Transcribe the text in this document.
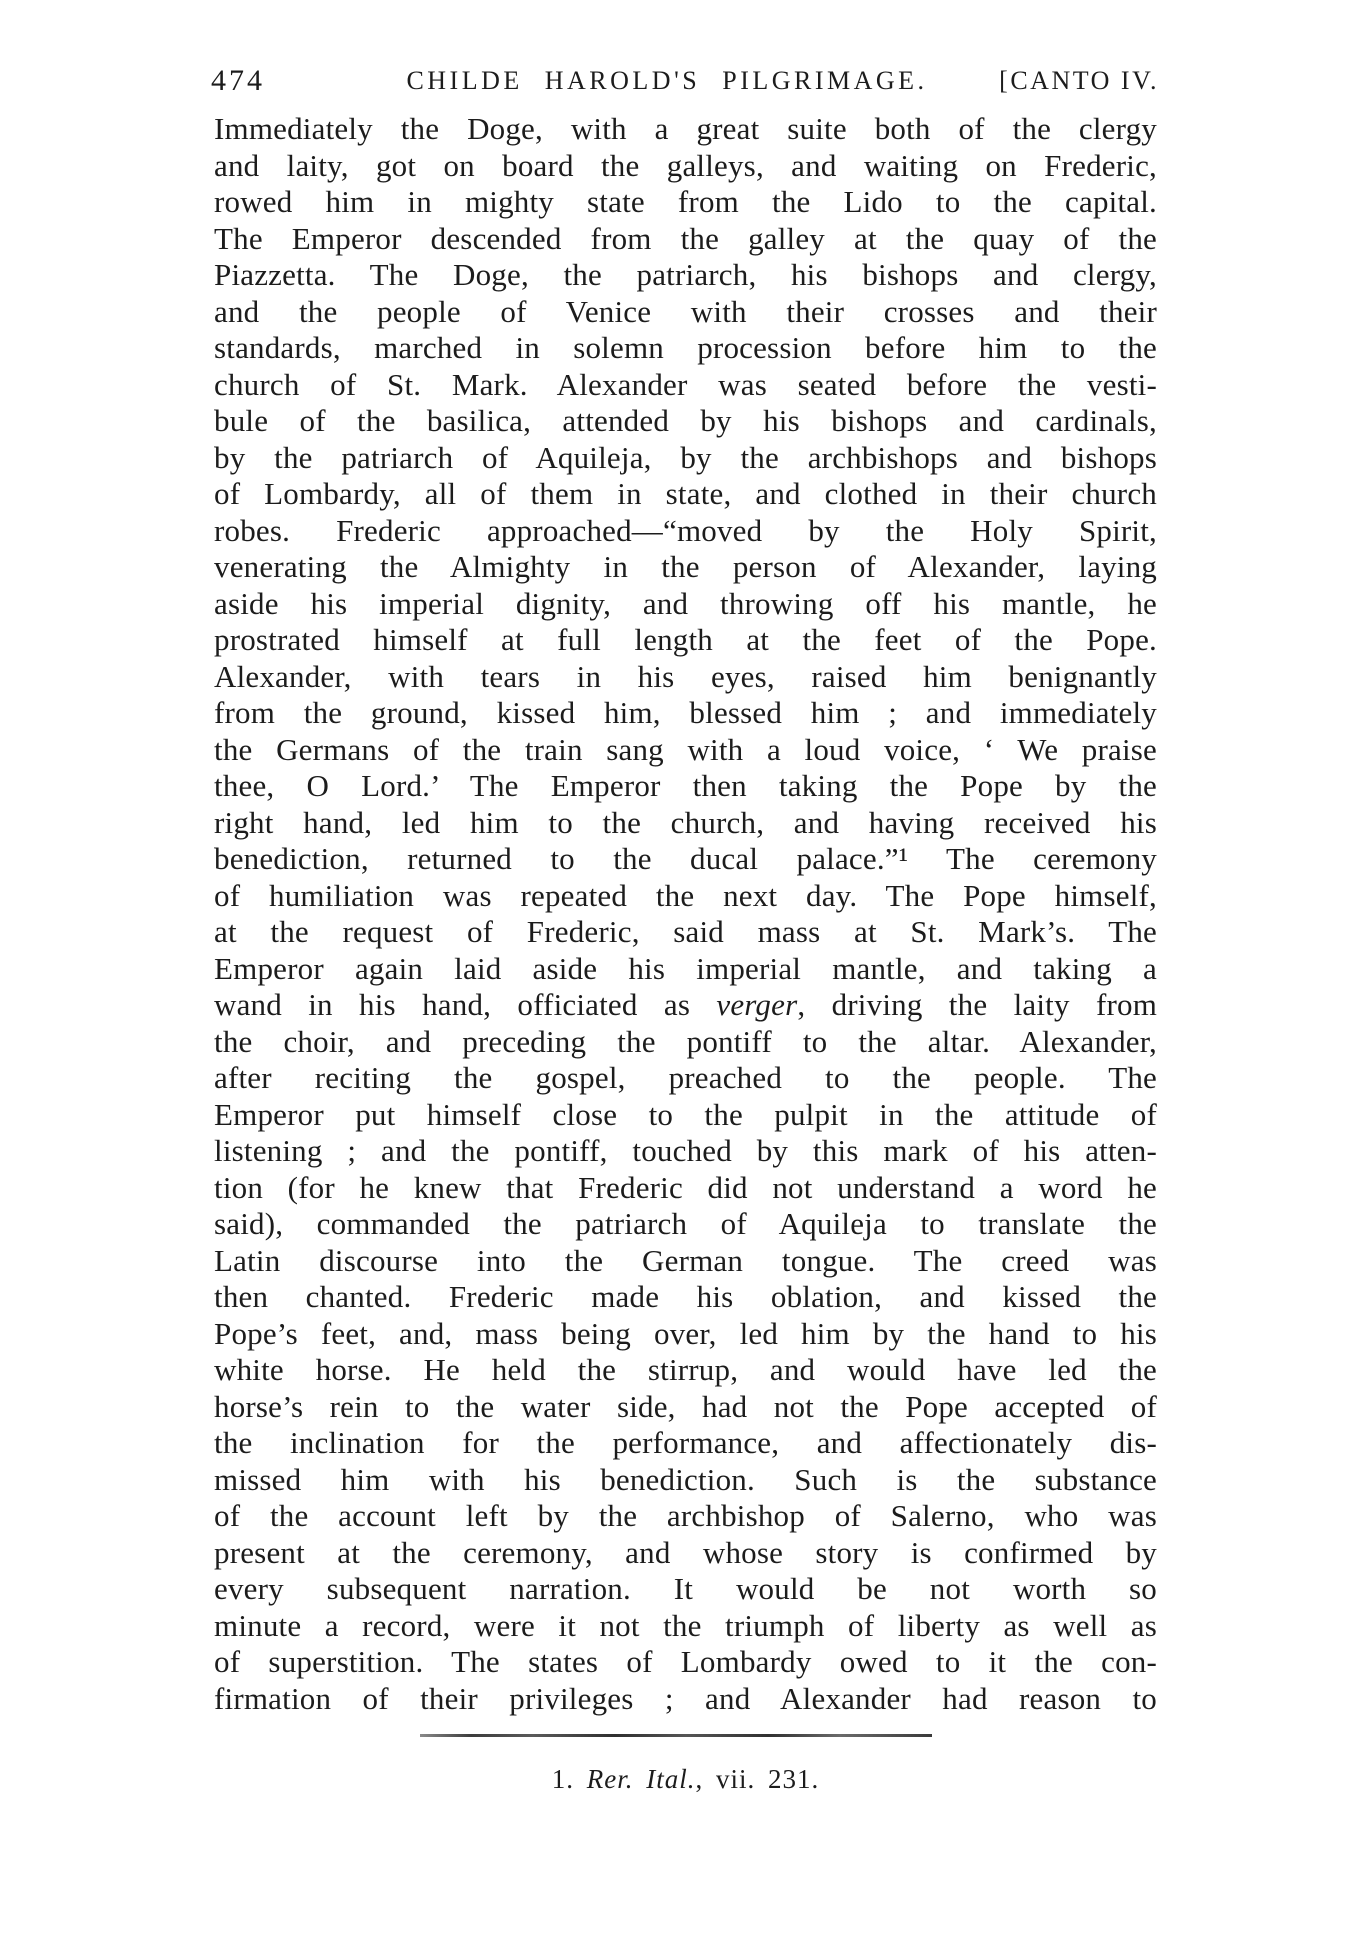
474	CHILDE HAROLD'S PILGRIMAGE.	[CANTO IV.
Immediately the Doge, with a great suite both of the clergy
and laity, got on board the galleys, and waiting on Frederic,
rowed him in mighty state from the Lido to the capital.
The Emperor descended from the galley at the quay of the
Piazzetta. The Doge, the patriarch, his bishops and clergy,
and the people of Venice with their crosses and their
standards, marched in solemn procession before him to the
church of St. Mark. Alexander was seated before the vesti-
bule of the basilica, attended by his bishops and cardinals,
by the patriarch of Aquileja, by the archbishops and bishops
of Lombardy, all of them in state, and clothed in their church
robes. Frederic approached—“moved by the Holy Spirit,
venerating the Almighty in the person of Alexander, laying
aside his imperial dignity, and throwing off his mantle, he
prostrated himself at full length at the feet of the Pope.
Alexander, with tears in his eyes, raised him benignantly
from the ground, kissed him, blessed him ; and immediately
the Germans of the train sang with a loud voice, ‘ We praise
thee, O Lord.’ The Emperor then taking the Pope by the
right hand, led him to the church, and having received his
benediction, returned to the ducal palace.”¹ The ceremony
of humiliation was repeated the next day. The Pope himself,
at the request of Frederic, said mass at St. Mark’s. The
Emperor again laid aside his imperial mantle, and taking a
wand in his hand, officiated as verger, driving the laity from
the choir, and preceding the pontiff to the altar. Alexander,
after reciting the gospel, preached to the people. The
Emperor put himself close to the pulpit in the attitude of
listening ; and the pontiff, touched by this mark of his atten-
tion (for he knew that Frederic did not understand a word he
said), commanded the patriarch of Aquileja to translate the
Latin discourse into the German tongue. The creed was
then chanted. Frederic made his oblation, and kissed the
Pope’s feet, and, mass being over, led him by the hand to his
white horse. He held the stirrup, and would have led the
horse’s rein to the water side, had not the Pope accepted of
the inclination for the performance, and affectionately dis-
missed him with his benediction. Such is the substance
of the account left by the archbishop of Salerno, who was
present at the ceremony, and whose story is confirmed by
every subsequent narration. It would be not worth so
minute a record, were it not the triumph of liberty as well as
of superstition. The states of Lombardy owed to it the con-
firmation of their privileges ; and Alexander had reason to
1. Rer. Ital., vii. 231.
